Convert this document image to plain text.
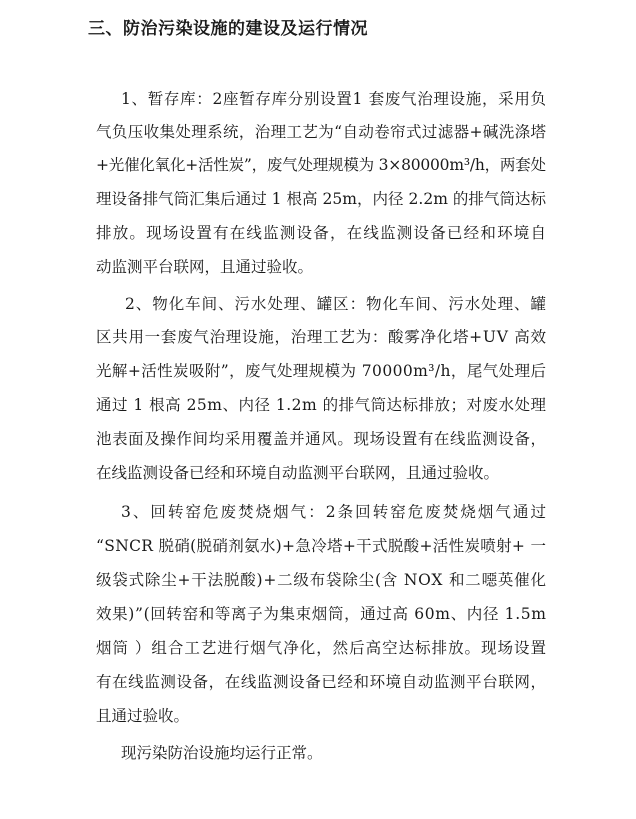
三、防治污染设施的建设及运行情况
1、暂存库：2座暂存库分别设置1 套废气治理设施，采用负
气负压收集处理系统，治理工艺为“自动卷帘式过滤器+碱洗涤塔
+光催化氧化+活性炭”，废气处理规模为 3×80000m³/h，两套处
理设备排气筒汇集后通过 1 根高 25m，内径 2.2m 的排气筒达标
排放。现场设置有在线监测设备，在线监测设备已经和环境自
动监测平台联网，且通过验收。
2、物化车间、污水处理、罐区：物化车间、污水处理、罐
区共用一套废气治理设施，治理工艺为：酸雾净化塔+UV 高效
光解+活性炭吸附”，废气处理规模为 70000m³/h，尾气处理后
通过 1 根高 25m、内径 1.2m 的排气筒达标排放；对废水处理
池表面及操作间均采用覆盖并通风。现场设置有在线监测设备，
在线监测设备已经和环境自动监测平台联网，且通过验收。
3、回转窑危废焚烧烟气：2条回转窑危废焚烧烟气通过
“SNCR 脱硝(脱硝剂氨水)+急冷塔+干式脱酸+活性炭喷射+ 一
级袋式除尘+干法脱酸)+二级布袋除尘(含 NOX 和二噁英催化
效果)”(回转窑和等离子为集束烟筒，通过高 60m、内径 1.5m
烟筒 ）组合工艺进行烟气净化，然后高空达标排放。现场设置
有在线监测设备，在线监测设备已经和环境自动监测平台联网，
且通过验收。
现污染防治设施均运行正常。
